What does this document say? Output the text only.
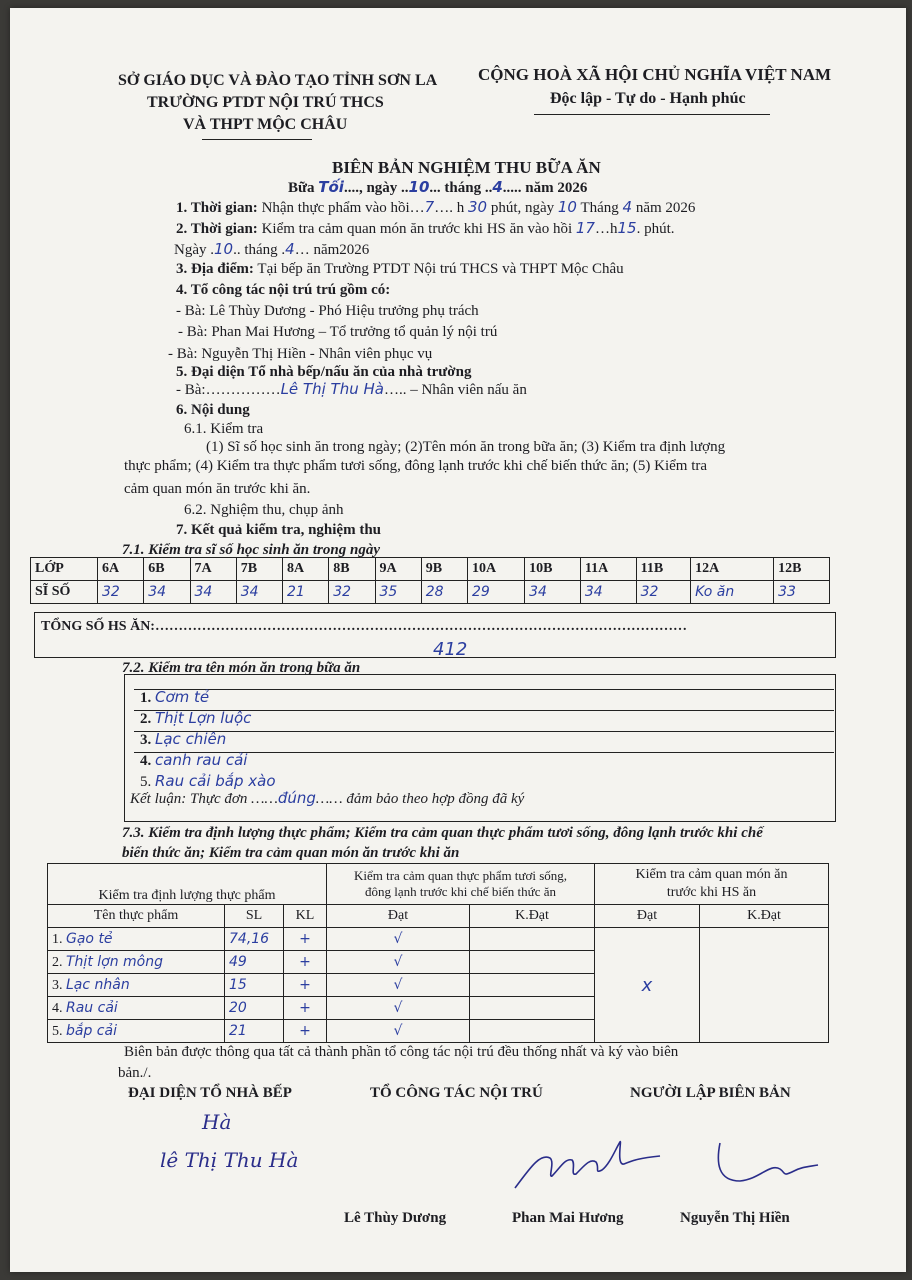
SỞ GIÁO DỤC VÀ ĐÀO TẠO TỈNH SƠN LA
TRƯỜNG PTDT NỘI TRÚ THCS
VÀ THPT MỘC CHÂU
CỘNG HOÀ XÃ HỘI CHỦ NGHĨA VIỆT NAM
Độc lập - Tự do - Hạnh phúc
BIÊN BẢN NGHIỆM THU BỮA ĂN
Bữa Tối...., ngày ..10... tháng ..4..... năm 2026
1. Thời gian: Nhận thực phẩm vào hồi…7…. h 30 phút, ngày 10 Tháng 4 năm 2026
2. Thời gian: Kiểm tra cảm quan món ăn trước khi HS ăn vào hồi 17…h15. phút.
Ngày .10.. tháng .4… năm2026
3. Địa điểm: Tại bếp ăn Trường PTDT Nội trú THCS và THPT Mộc Châu
4. Tổ công tác nội trú trú gồm có:
- Bà: Lê Thùy Dương - Phó Hiệu trưởng phụ trách
- Bà: Phan Mai Hương – Tổ trưởng tổ quản lý nội trú
- Bà: Nguyễn Thị Hiền - Nhân viên phục vụ
5. Đại diện Tổ nhà bếp/nấu ăn của nhà trường
- Bà:……………Lê Thị Thu Hà….. – Nhân viên nấu ăn
6. Nội dung
6.1. Kiểm tra
(1) Sĩ số học sinh ăn trong ngày; (2)Tên món ăn trong bữa ăn; (3) Kiểm tra định lượng
thực phẩm; (4) Kiểm tra thực phẩm tươi sống, đông lạnh trước khi chế biến thức ăn; (5) Kiểm tra
cảm quan món ăn trước khi ăn.
6.2. Nghiệm thu, chụp ảnh
7. Kết quả kiểm tra, nghiệm thu
7.1. Kiểm tra sĩ số học sinh ăn trong ngày
LỚP	6A	6B	7A	7B	8A	8B	9A	9B	10A	10B	11A	11B	12A	12B
SĨ SỐ	32	34	34	34	21	32	35	28	29	34	34	32	Ko ăn	33
TỔNG SỐ HS ĂN:……………………………………………………………………………………………………
412
7.2. Kiểm tra tên món ăn trong bữa ăn
1. Cơm tẻ
2. Thịt Lợn luộc
3. Lạc chiên
4. canh rau cải
5. Rau cải bắp xào
Kết luận: Thực đơn ……đúng…… đảm bảo theo hợp đồng đã ký
7.3. Kiểm tra định lượng thực phẩm; Kiểm tra cảm quan thực phẩm tươi sống, đông lạnh trước khi chế
biến thức ăn; Kiểm tra cảm quan món ăn trước khi ăn
Kiểm tra định lượng thực phẩm			Kiểm tra cảm quan thực phẩm tươi sống,
đông lạnh trước khi chế biến thức ăn		Kiểm tra cảm quan món ăn
trước khi HS ăn	
Tên thực phẩm	SL	KL	Đạt	K.Đạt	Đạt	K.Đạt
1. Gạo tẻ	74,16	+	√		x	
2. Thịt lợn mông	49	+	√			
3. Lạc nhân	15	+	√			
4. Rau cải	20	+	√			
5. bắp cải	21	+	√			
Biên bản được thông qua tất cả thành phần tổ công tác nội trú đều thống nhất và ký vào biên
bản./.
ĐẠI DIỆN TỔ NHÀ BẾP	TỔ CÔNG TÁC NỘI TRÚ	NGƯỜI LẬP BIÊN BẢN
Hà
lê Thị Thu Hà
Lê Thùy Dương	Phan Mai Hương	Nguyễn Thị Hiền
